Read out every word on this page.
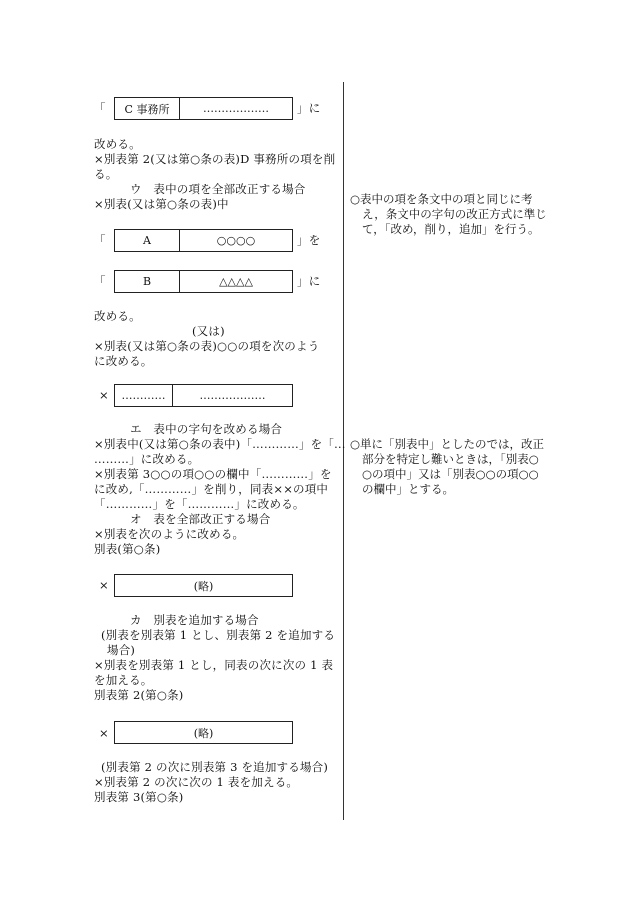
「	C 事務所	………………	」に
改める。
×別表第 2(又は第○条の表)D 事務所の項を削
る。
ウ　表中の項を全部改正する場合
×別表(又は第○条の表)中
「	A	○○○○	」を
「	B	△△△△	」に
改める。
(又は)
×別表(又は第○条の表)○○の項を次のよう
に改める。
×	…………	………………
エ　表中の字句を改める場合
×別表中(又は第○条の表中)「…………」を「…
………」に改める。
×別表第 3○○の項○○の欄中「…………」を
に改め,「…………」を削り，同表××の項中
「…………」を「…………」に改める。
オ　表を全部改正する場合
×別表を次のように改める。
別表(第○条)
×	(略)
カ　別表を追加する場合
(別表を別表第 1 とし、別表第 2 を追加する
場合)
×別表を別表第 1 とし，同表の次に次の 1 表
を加える。
別表第 2(第○条)
×	(略)
(別表第 2 の次に別表第 3 を追加する場合)
×別表第 2 の次に次の 1 表を加える。
別表第 3(第○条)
○表中の項を条文中の項と同じに考
え，条文中の字句の改正方式に準じ
て，「改め，削り，追加」を行う。
○単に「別表中」としたのでは，改正
部分を特定し難いときは，「別表○
○の項中」又は「別表○○の項○○
の欄中」とする。
